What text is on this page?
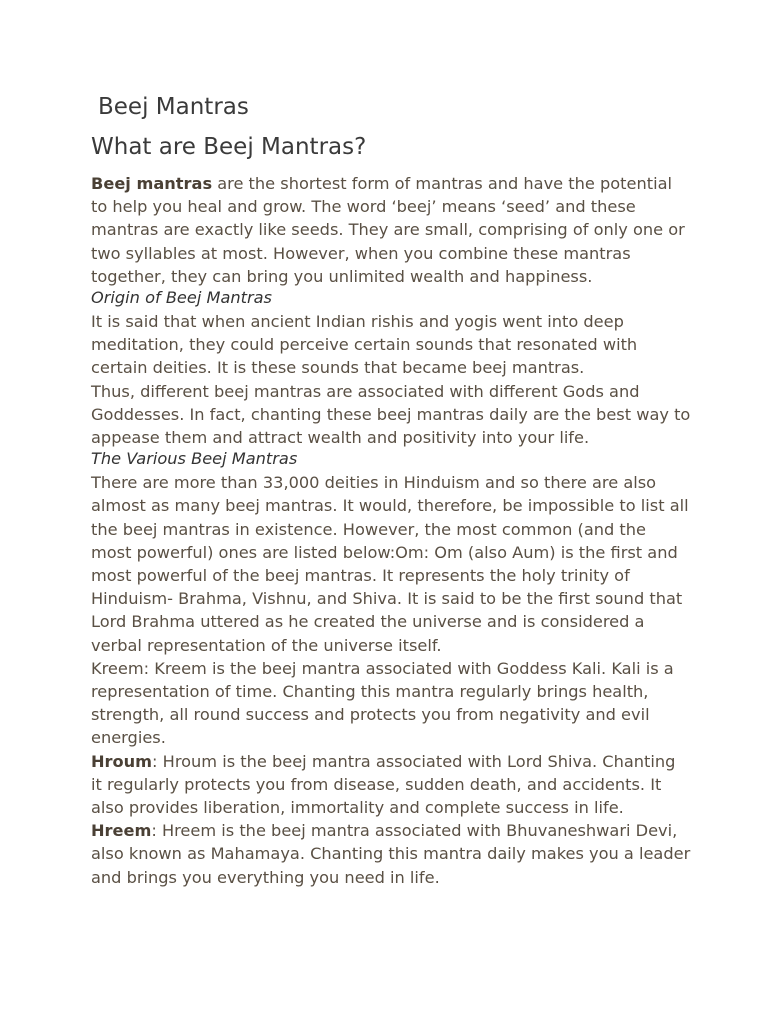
Beej Mantras
What are Beej Mantras?

Beej mantras are the shortest form of mantras and have the potential to help you heal and grow. The word ‘beej’ means ‘seed’ and these mantras are exactly like seeds. They are small, comprising of only one or two syllables at most. However, when you combine these mantras together, they can bring you unlimited wealth and happiness.

Origin of Beej Mantras

It is said that when ancient Indian rishis and yogis went into deep meditation, they could perceive certain sounds that resonated with certain deities. It is these sounds that became beej mantras.

Thus, different beej mantras are associated with different Gods and Goddesses. In fact, chanting these beej mantras daily are the best way to appease them and attract wealth and positivity into your life.

The Various Beej Mantras

There are more than 33,000 deities in Hinduism and so there are also almost as many beej mantras. It would, therefore, be impossible to list all the beej mantras in existence. However, the most common (and the most powerful) ones are listed below:Om: Om (also Aum) is the first and most powerful of the beej mantras. It represents the holy trinity of Hinduism- Brahma, Vishnu, and Shiva. It is said to be the first sound that Lord Brahma uttered as he created the universe and is considered a verbal representation of the universe itself.

Kreem: Kreem is the beej mantra associated with Goddess Kali. Kali is a representation of time. Chanting this mantra regularly brings health, strength, all round success and protects you from negativity and evil energies.

Hroum: Hroum is the beej mantra associated with Lord Shiva. Chanting it regularly protects you from disease, sudden death, and accidents. It also provides liberation, immortality and complete success in life.

Hreem: Hreem is the beej mantra associated with Bhuvaneshwari Devi, also known as Mahamaya. Chanting this mantra daily makes you a leader and brings you everything you need in life.
